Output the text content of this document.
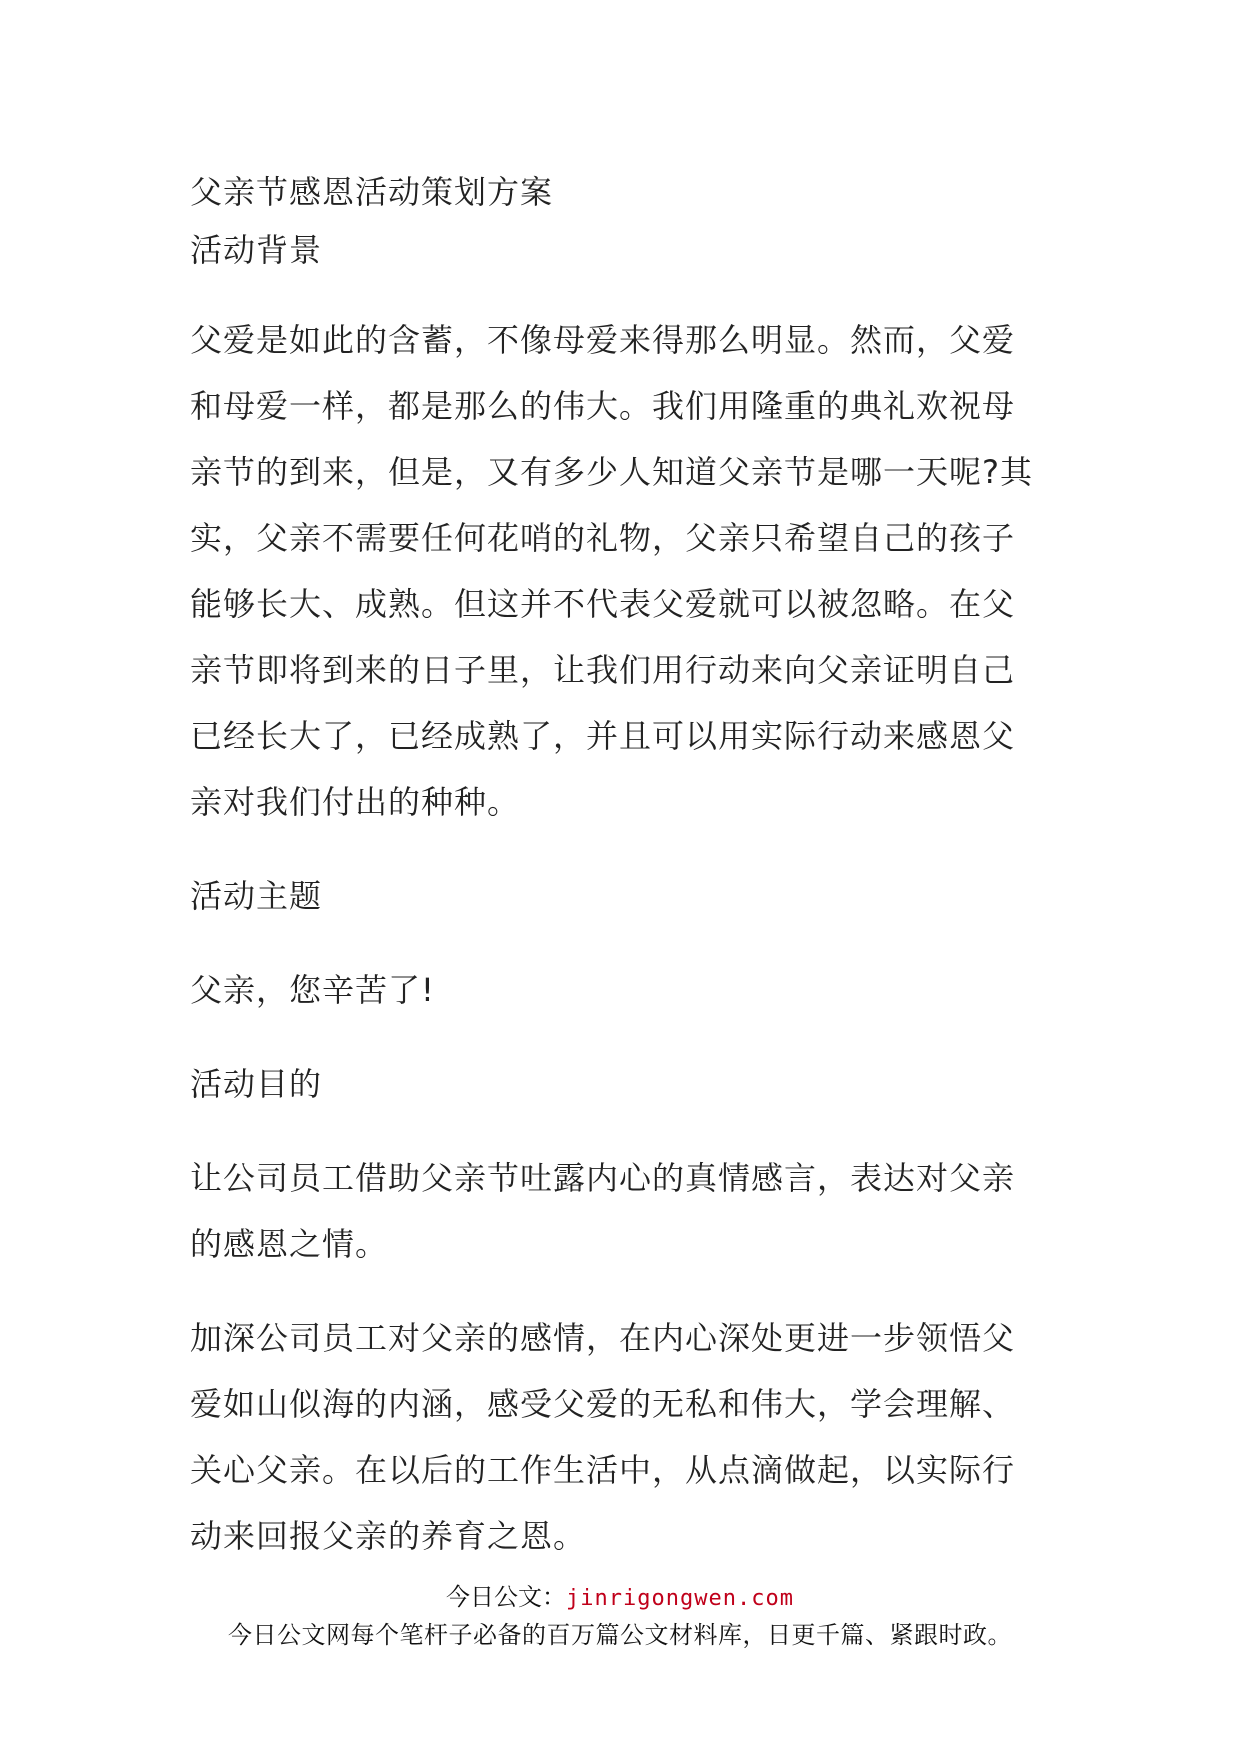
父亲节感恩活动策划方案

活动背景

父爱是如此的含蓄，不像母爱来得那么明显。然而，父爱

和母爱一样，都是那么的伟大。我们用隆重的典礼欢祝母

亲节的到来，但是，又有多少人知道父亲节是哪一天呢?其

实，父亲不需要任何花哨的礼物，父亲只希望自己的孩子

能够长大、成熟。但这并不代表父爱就可以被忽略。在父

亲节即将到来的日子里，让我们用行动来向父亲证明自己

已经长大了，已经成熟了，并且可以用实际行动来感恩父

亲对我们付出的种种。

活动主题

父亲，您辛苦了!

活动目的

让公司员工借助父亲节吐露内心的真情感言，表达对父亲

的感恩之情。

加深公司员工对父亲的感情，在内心深处更进一步领悟父

爱如山似海的内涵，感受父爱的无私和伟大，学会理解、

关心父亲。在以后的工作生活中，从点滴做起，以实际行

动来回报父亲的养育之恩。

今日公文：jinrigongwen.com
今日公文网每个笔杆子必备的百万篇公文材料库，日更千篇、紧跟时政。
